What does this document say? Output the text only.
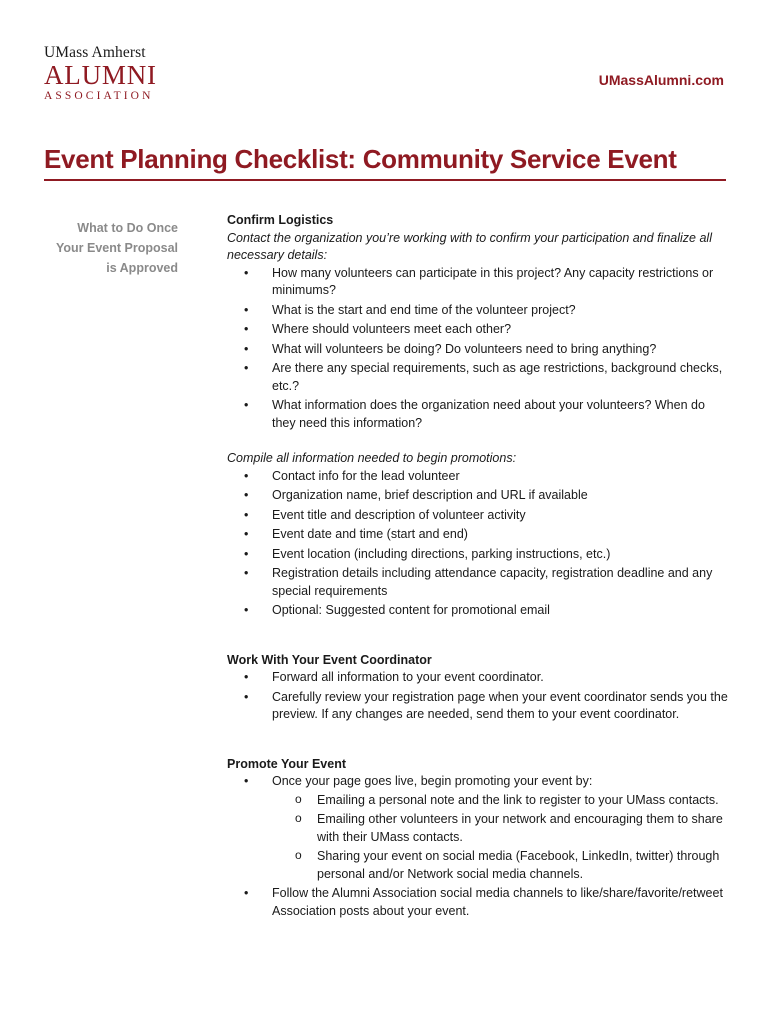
UMass Amherst
ALUMNI
ASSOCIATION
UMassAlumni.com
Event Planning Checklist: Community Service Event
What to Do Once
Your Event Proposal
is Approved

Confirm Logistics

Contact the organization you’re working with to confirm your participation and finalize all necessary details:

• How many volunteers can participate in this project? Any capacity restrictions or minimums?
• What is the start and end time of the volunteer project?
• Where should volunteers meet each other?
• What will volunteers be doing? Do volunteers need to bring anything?
• Are there any special requirements, such as age restrictions, background checks, etc.?
• What information does the organization need about your volunteers? When do they need this information?

Compile all information needed to begin promotions:

• Contact info for the lead volunteer
• Organization name, brief description and URL if available
• Event title and description of volunteer activity
• Event date and time (start and end)
• Event location (including directions, parking instructions, etc.)
• Registration details including attendance capacity, registration deadline and any special requirements
• Optional: Suggested content for promotional email

Work With Your Event Coordinator

• Forward all information to your event coordinator.
• Carefully review your registration page when your event coordinator sends you the preview. If any changes are needed, send them to your event coordinator.

Promote Your Event

• Once your page goes live, begin promoting your event by:
o Emailing a personal note and the link to register to your UMass contacts.
o Emailing other volunteers in your network and encouraging them to share with their UMass contacts.
o Sharing your event on social media (Facebook, LinkedIn, twitter) through personal and/or Network social media channels.
• Follow the Alumni Association social media channels to like/share/favorite/retweet Association posts about your event.
